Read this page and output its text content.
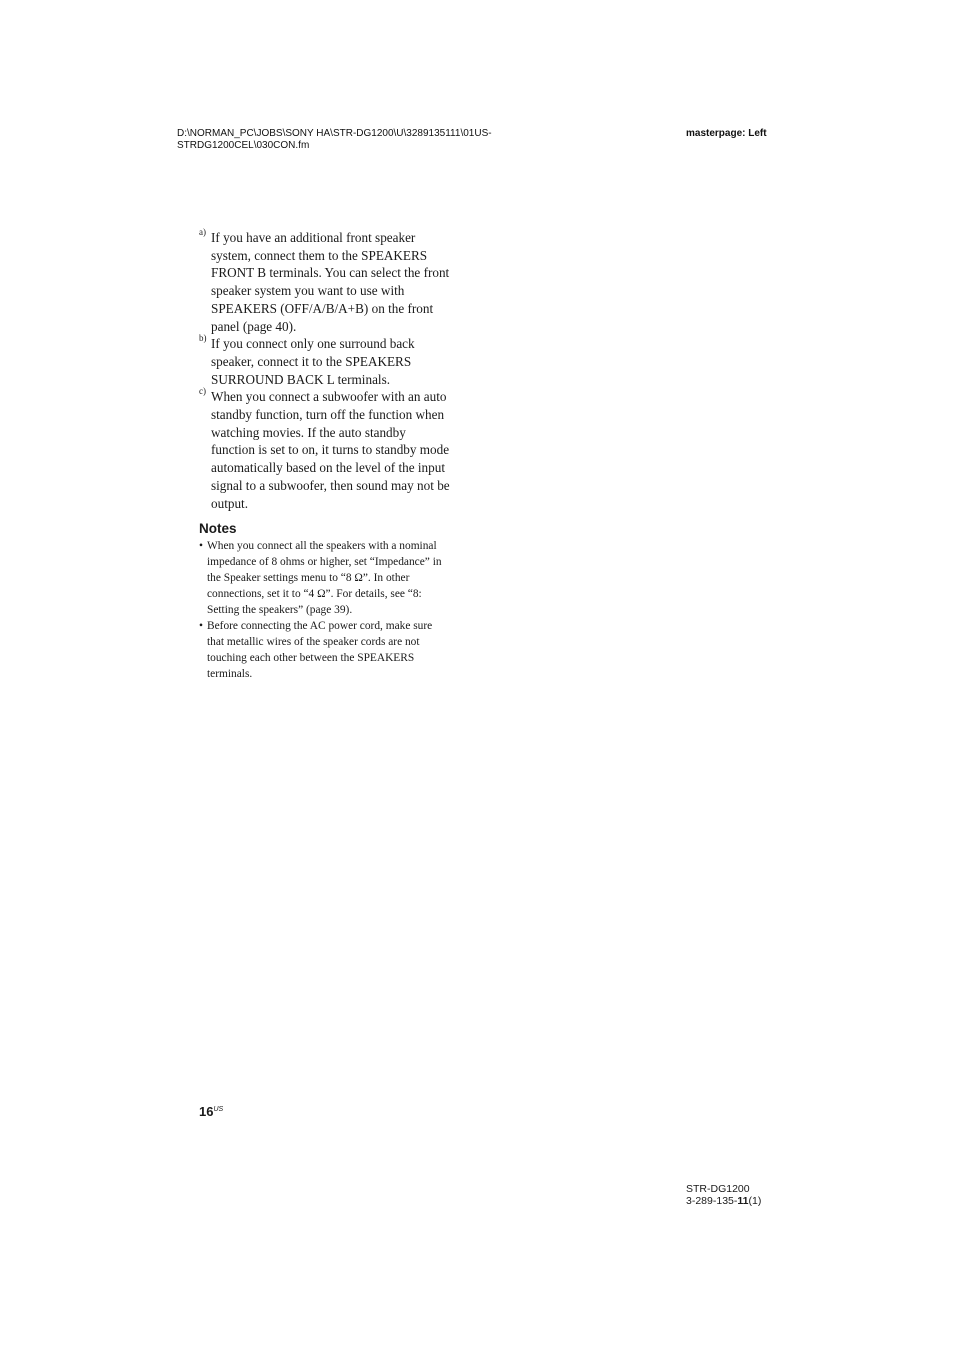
D:\NORMAN_PC\JOBS\SONY HA\STR-DG1200\U\3289135111\01US-
STRDG1200CEL\030CON.fm
masterpage: Left
a) If you have an additional front speaker
system, connect them to the SPEAKERS
FRONT B terminals. You can select the front
speaker system you want to use with
SPEAKERS (OFF/A/B/A+B) on the front
panel (page 40).
b) If you connect only one surround back
speaker, connect it to the SPEAKERS
SURROUND BACK L terminals.
c) When you connect a subwoofer with an auto
standby function, turn off the function when
watching movies. If the auto standby
function is set to on, it turns to standby mode
automatically based on the level of the input
signal to a subwoofer, then sound may not be
output.
Notes
• When you connect all the speakers with a nominal
impedance of 8 ohms or higher, set “Impedance” in
the Speaker settings menu to “8 Ω”. In other
connections, set it to “4 Ω”. For details, see “8:
Setting the speakers” (page 39).
• Before connecting the AC power cord, make sure
that metallic wires of the speaker cords are not
touching each other between the SPEAKERS
terminals.
$16^{US}$
STR-DG1200
3-289-135-11(1)
